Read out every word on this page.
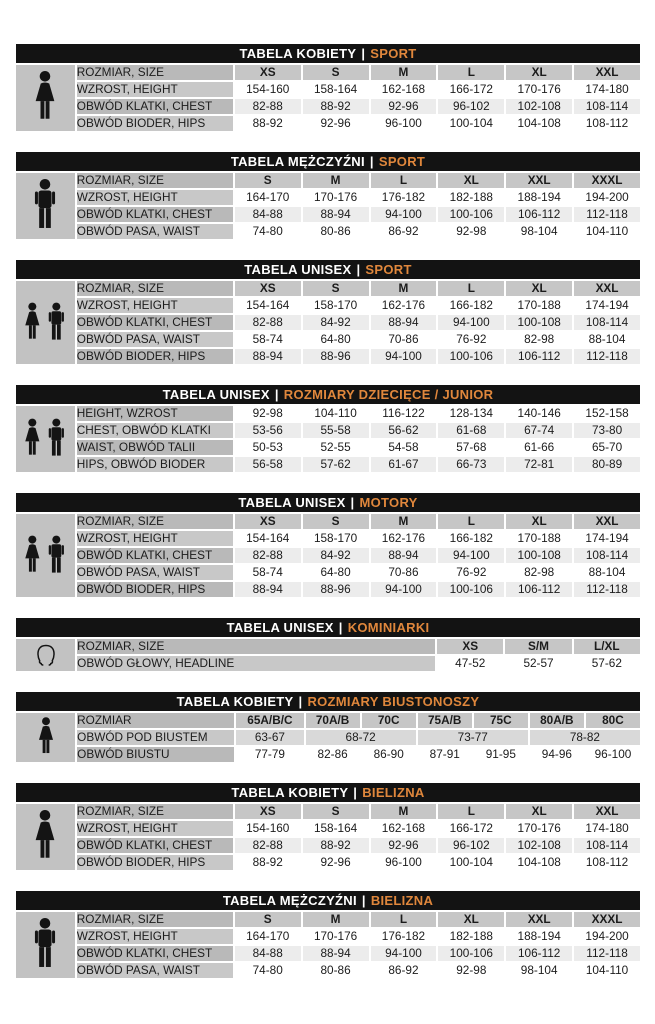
TABELA KOBIETY | SPORT
	ROZMIAR, SIZE	XS	S	M	L	XL	XXL
	WZROST, HEIGHT	154-160	158-164	162-168	166-172	170-176	174-180
	OBWÓD KLATKI, CHEST	82-88	88-92	92-96	96-102	102-108	108-114
	OBWÓD BIODER, HIPS	88-92	92-96	96-100	100-104	104-108	108-112
TABELA MĘŻCZYŹNI | SPORT
	ROZMIAR, SIZE	S	M	L	XL	XXL	XXXL
	WZROST, HEIGHT	164-170	170-176	176-182	182-188	188-194	194-200
	OBWÓD KLATKI, CHEST	84-88	88-94	94-100	100-106	106-112	112-118
	OBWÓD PASA, WAIST	74-80	80-86	86-92	92-98	98-104	104-110
TABELA UNISEX | SPORT
	ROZMIAR, SIZE	XS	S	M	L	XL	XXL
	WZROST, HEIGHT	154-164	158-170	162-176	166-182	170-188	174-194
	OBWÓD KLATKI, CHEST	82-88	84-92	88-94	94-100	100-108	108-114
	OBWÓD PASA, WAIST	58-74	64-80	70-86	76-92	82-98	88-104
	OBWÓD BIODER, HIPS	88-94	88-96	94-100	100-106	106-112	112-118
TABELA UNISEX | ROZMIARY DZIECIĘCE / JUNIOR
	HEIGHT, WZROST	92-98	104-110	116-122	128-134	140-146	152-158
	CHEST, OBWÓD KLATKI	53-56	55-58	56-62	61-68	67-74	73-80
	WAIST, OBWÓD TALII	50-53	52-55	54-58	57-68	61-66	65-70
	HIPS, OBWÓD BIODER	56-58	57-62	61-67	66-73	72-81	80-89
TABELA UNISEX | MOTORY
	ROZMIAR, SIZE	XS	S	M	L	XL	XXL
	WZROST, HEIGHT	154-164	158-170	162-176	166-182	170-188	174-194
	OBWÓD KLATKI, CHEST	82-88	84-92	88-94	94-100	100-108	108-114
	OBWÓD PASA, WAIST	58-74	64-80	70-86	76-92	82-98	88-104
	OBWÓD BIODER, HIPS	88-94	88-96	94-100	100-106	106-112	112-118
TABELA UNISEX | KOMINIARKI
	ROZMIAR, SIZE	XS	S/M	L/XL
	OBWÓD GŁOWY, HEADLINE	47-52	52-57	57-62
TABELA KOBIETY | ROZMIARY BIUSTONOSZY
	ROZMIAR	65A/B/C	70A/B	70C	75A/B	75C	80A/B	80C
	OBWÓD POD BIUSTEM	63-67	68-72		73-77		78-82	
	OBWÓD BIUSTU	77-79	82-86	86-90	87-91	91-95	94-96	96-100
TABELA KOBIETY | BIELIZNA
	ROZMIAR, SIZE	XS	S	M	L	XL	XXL
	WZROST, HEIGHT	154-160	158-164	162-168	166-172	170-176	174-180
	OBWÓD KLATKI, CHEST	82-88	88-92	92-96	96-102	102-108	108-114
	OBWÓD BIODER, HIPS	88-92	92-96	96-100	100-104	104-108	108-112
TABELA MĘŻCZYŹNI | BIELIZNA
	ROZMIAR, SIZE	S	M	L	XL	XXL	XXXL
	WZROST, HEIGHT	164-170	170-176	176-182	182-188	188-194	194-200
	OBWÓD KLATKI, CHEST	84-88	88-94	94-100	100-106	106-112	112-118
	OBWÓD PASA, WAIST	74-80	80-86	86-92	92-98	98-104	104-110
